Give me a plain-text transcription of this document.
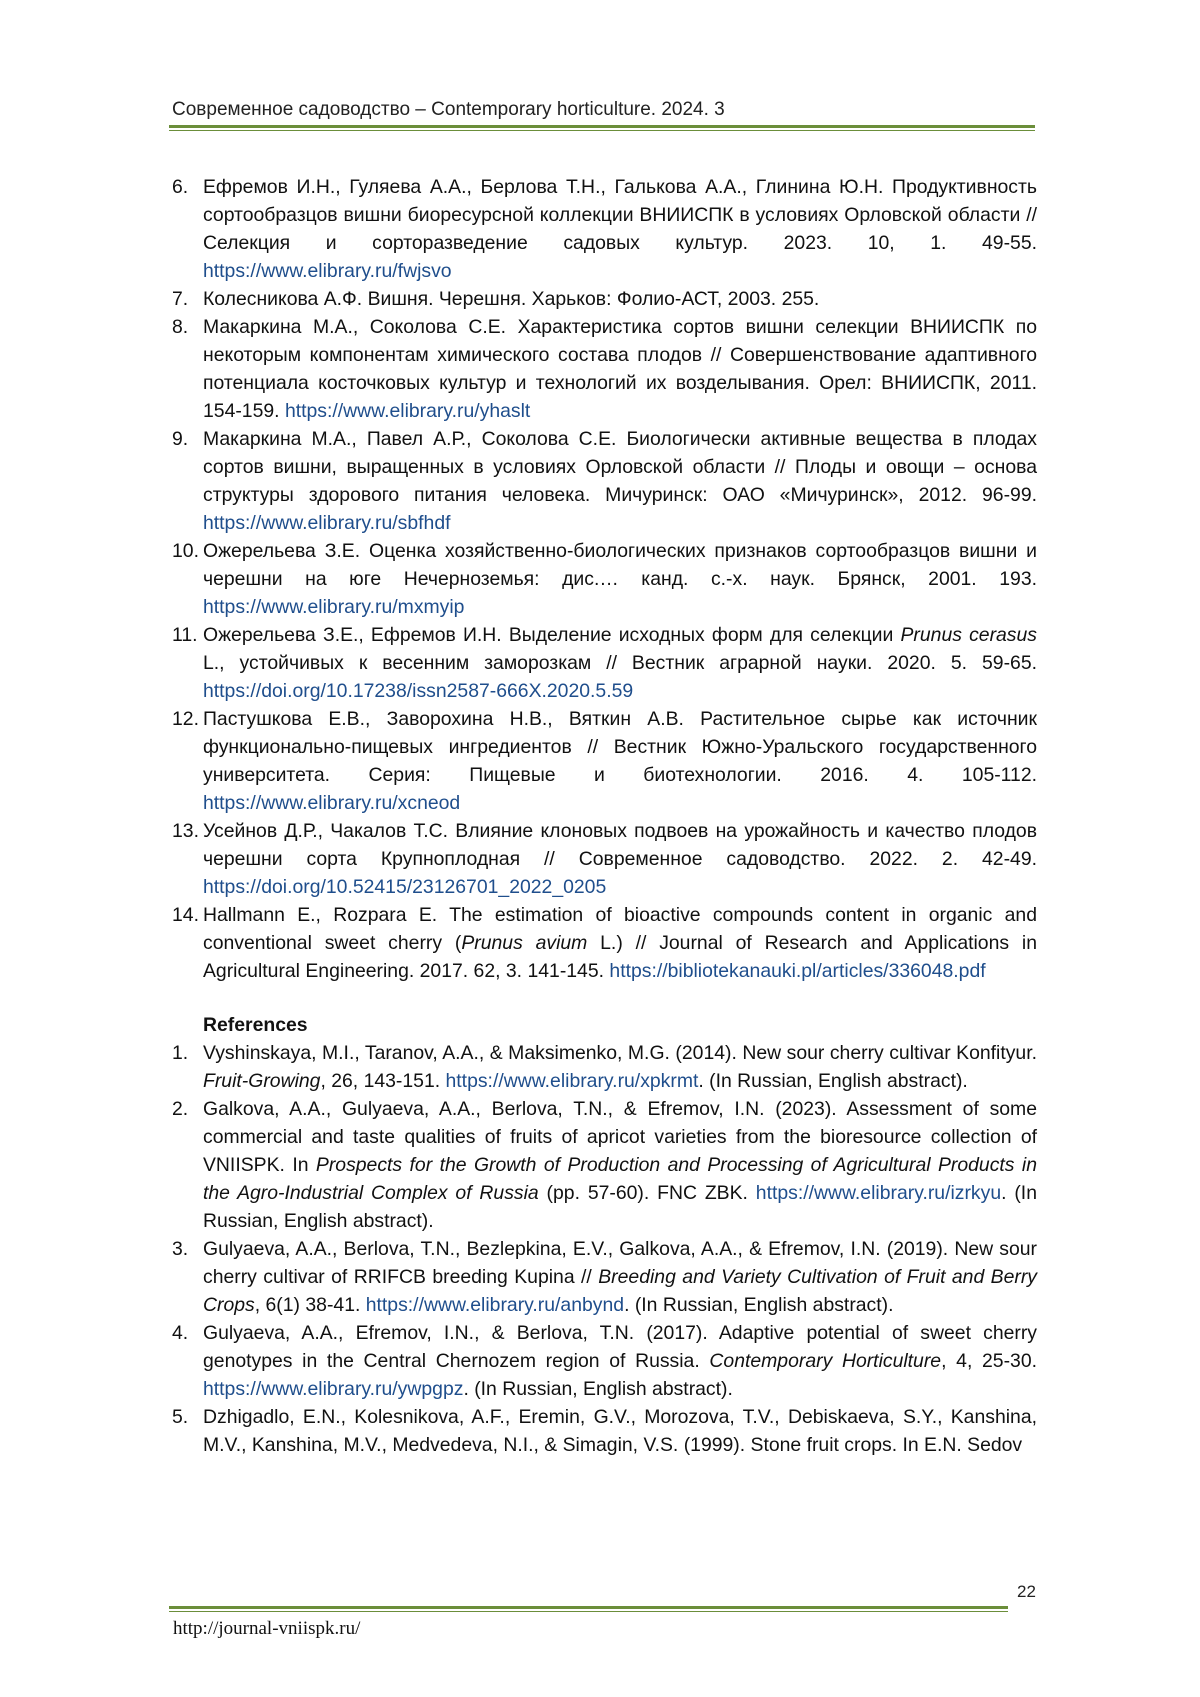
Современное садоводство – Contemporary horticulture. 2024. 3
6. Ефремов И.Н., Гуляева А.А., Берлова Т.Н., Галькова А.А., Глинина Ю.Н. Продуктивность сортообразцов вишни биоресурсной коллекции ВНИИСПК в условиях Орловской области // Селекция и сорторазведение садовых культур. 2023. 10, 1. 49-55. https://www.elibrary.ru/fwjsvo
7. Колесникова А.Ф. Вишня. Черешня. Харьков: Фолио-АСТ, 2003. 255.
8. Макаркина М.А., Соколова С.Е. Характеристика сортов вишни селекции ВНИИСПК по некоторым компонентам химического состава плодов // Совершенствование адаптивного потенциала косточковых культур и технологий их возделывания. Орел: ВНИИСПК, 2011. 154-159. https://www.elibrary.ru/yhaslt
9. Макаркина М.А., Павел А.Р., Соколова С.Е. Биологически активные вещества в плодах сортов вишни, выращенных в условиях Орловской области // Плоды и овощи – основа структуры здорового питания человека. Мичуринск: ОАО «Мичуринск», 2012. 96-99. https://www.elibrary.ru/sbfhdf
10. Ожерельева З.Е. Оценка хозяйственно-биологических признаков сортообразцов вишни и черешни на юге Нечерноземья: дис.… канд. с.-х. наук. Брянск, 2001. 193. https://www.elibrary.ru/mxmyip
11. Ожерельева З.Е., Ефремов И.Н. Выделение исходных форм для селекции Prunus cerasus L., устойчивых к весенним заморозкам // Вестник аграрной науки. 2020. 5. 59-65. https://doi.org/10.17238/issn2587-666X.2020.5.59
12. Пастушкова Е.В., Заворохина Н.В., Вяткин А.В. Растительное сырье как источник функционально-пищевых ингредиентов // Вестник Южно-Уральского государственного университета. Серия: Пищевые и биотехнологии. 2016. 4. 105-112. https://www.elibrary.ru/xcneod
13. Усейнов Д.Р., Чакалов Т.С. Влияние клоновых подвоев на урожайность и качество плодов черешни сорта Крупноплодная // Современное садоводство. 2022. 2. 42-49. https://doi.org/10.52415/23126701_2022_0205
14. Hallmann E., Rozpara E. The estimation of bioactive compounds content in organic and conventional sweet cherry (Prunus avium L.) // Journal of Research and Applications in Agricultural Engineering. 2017. 62, 3. 141-145. https://bibliotekanauki.pl/articles/336048.pdf
References
1. Vyshinskaya, M.I., Taranov, A.A., & Maksimenko, M.G. (2014). New sour cherry cultivar Konfityur. Fruit-Growing, 26, 143-151. https://www.elibrary.ru/xpkrmt. (In Russian, English abstract).
2. Galkova, A.A., Gulyaeva, A.A., Berlova, T.N., & Efremov, I.N. (2023). Assessment of some commercial and taste qualities of fruits of apricot varieties from the bioresource collection of VNIISPK. In Prospects for the Growth of Production and Processing of Agricultural Products in the Agro-Industrial Complex of Russia (pp. 57-60). FNC ZBK. https://www.elibrary.ru/izrkyu. (In Russian, English abstract).
3. Gulyaeva, A.A., Berlova, T.N., Bezlepkina, E.V., Galkova, A.A., & Efremov, I.N. (2019). New sour cherry cultivar of RRIFCB breeding Kupina // Breeding and Variety Cultivation of Fruit and Berry Crops, 6(1) 38-41. https://www.elibrary.ru/anbynd. (In Russian, English abstract).
4. Gulyaeva, A.A., Efremov, I.N., & Berlova, T.N. (2017). Adaptive potential of sweet cherry genotypes in the Central Chernozem region of Russia. Contemporary Horticulture, 4, 25-30. https://www.elibrary.ru/ywpgpz. (In Russian, English abstract).
5. Dzhigadlo, E.N., Kolesnikova, A.F., Eremin, G.V., Morozova, T.V., Debiskaeva, S.Y., Kanshina, M.V., Kanshina, M.V., Medvedeva, N.I., & Simagin, V.S. (1999). Stone fruit crops. In E.N. Sedov
22
http://journal-vniispk.ru/
